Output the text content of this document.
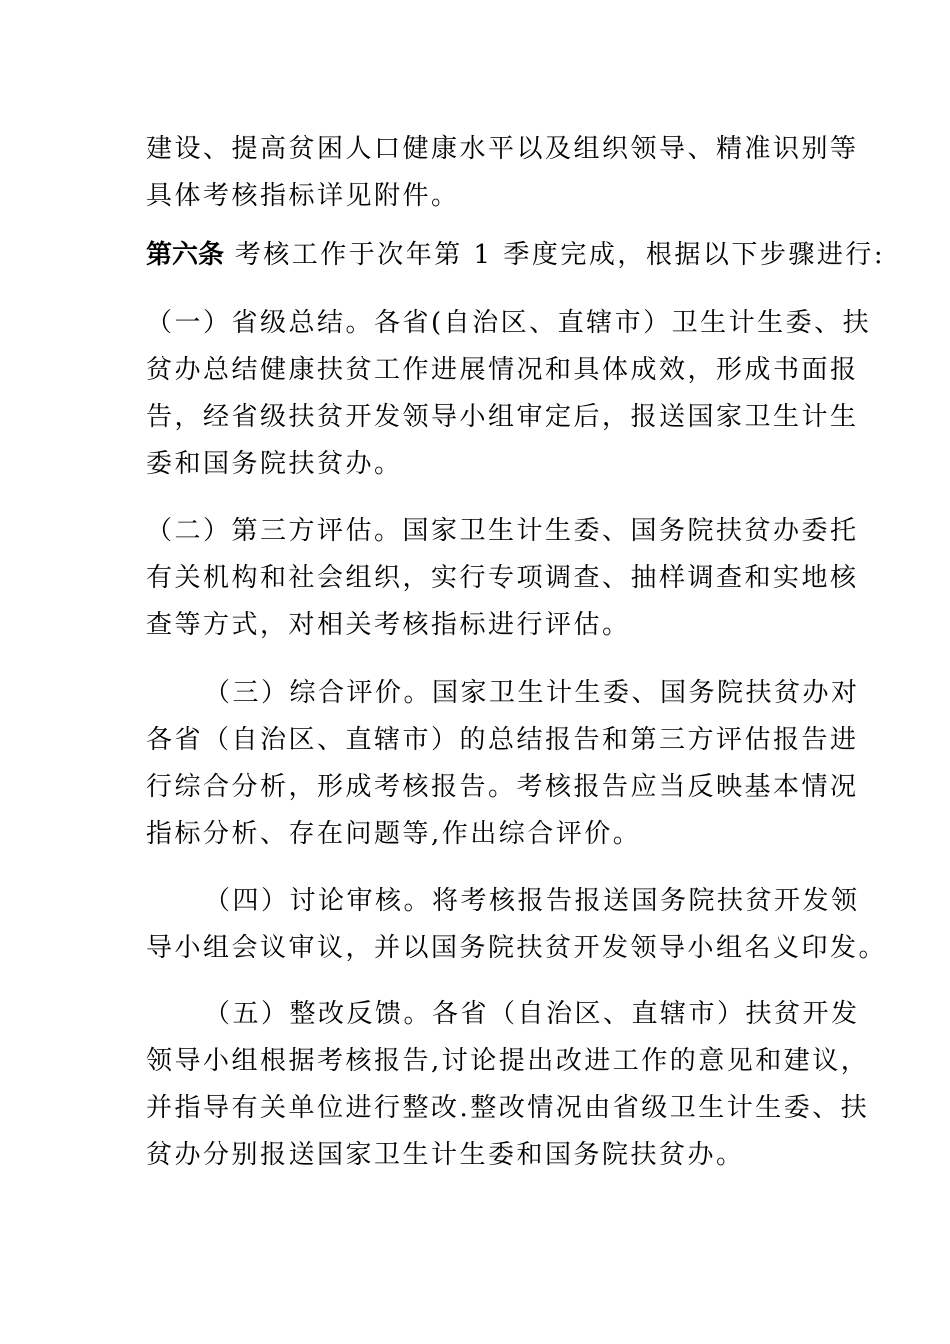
建设、提高贫困人口健康水平以及组织领导、精准识别等
具体考核指标详见附件。
第六条 考核工作于次年第 1 季度完成，根据以下步骤进行:
（一）省级总结。各省(自治区、直辖市）卫生计生委、扶
贫办总结健康扶贫工作进展情况和具体成效，形成书面报
告，经省级扶贫开发领导小组审定后，报送国家卫生计生
委和国务院扶贫办。
（二）第三方评估。国家卫生计生委、国务院扶贫办委托
有关机构和社会组织，实行专项调查、抽样调查和实地核
查等方式，对相关考核指标进行评估。
（三）综合评价。国家卫生计生委、国务院扶贫办对
各省（自治区、直辖市）的总结报告和第三方评估报告进
行综合分析，形成考核报告。考核报告应当反映基本情况
指标分析、存在问题等,作出综合评价。
（四）讨论审核。将考核报告报送国务院扶贫开发领
导小组会议审议，并以国务院扶贫开发领导小组名义印发。
（五）整改反馈。各省（自治区、直辖市）扶贫开发
领导小组根据考核报告,讨论提出改进工作的意见和建议，
并指导有关单位进行整改.整改情况由省级卫生计生委、扶
贫办分别报送国家卫生计生委和国务院扶贫办。
